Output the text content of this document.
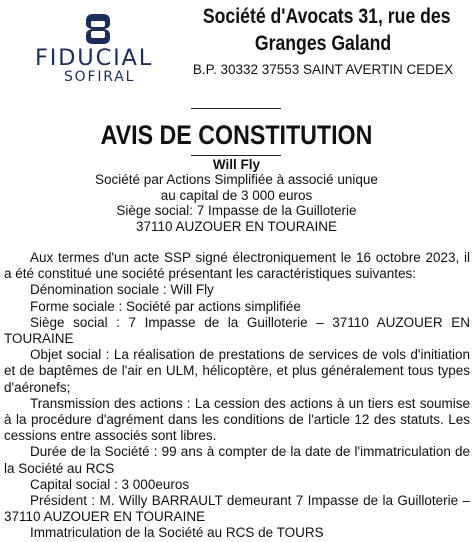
FIDUCIAL
SOFIRAL
Société d'Avocats 31, rue des
Granges Galand
B.P. 30332 37553 SAINT AVERTIN CEDEX
AVIS DE CONSTITUTION
Will Fly
Société par Actions Simplifiée à associé unique
au capital de 3 000 euros
Siège social: 7 Impasse de la Guilloterie
37110 AUZOUER EN TOURAINE

Aux termes d'un acte SSP signé électroniquement le 16 octobre 2023, il a été constitué une société présentant les caractéristiques suivantes:

Dénomination sociale : Will Fly

Forme sociale : Société par actions simplifiée

Siège social : 7 Impasse de la Guilloterie – 37110 AUZOUER EN TOURAINE

Objet social : La réalisation de prestations de services de vols d'initiation et de baptêmes de l'air en ULM, hélicoptère, et plus généralement tous types d'aéronefs;

Transmission des actions : La cession des actions à un tiers est soumise à la procédure d'agrément dans les conditions de l'article 12 des statuts. Les cessions entre associés sont libres.

Durée de la Société : 99 ans à compter de la date de l'immatriculation de la Société au RCS

Capital social : 3 000euros

Président : M. Willy BARRAULT demeurant 7 Impasse de la Guilloterie – 37110 AUZOUER EN TOURAINE

Immatriculation de la Société au RCS de TOURS
